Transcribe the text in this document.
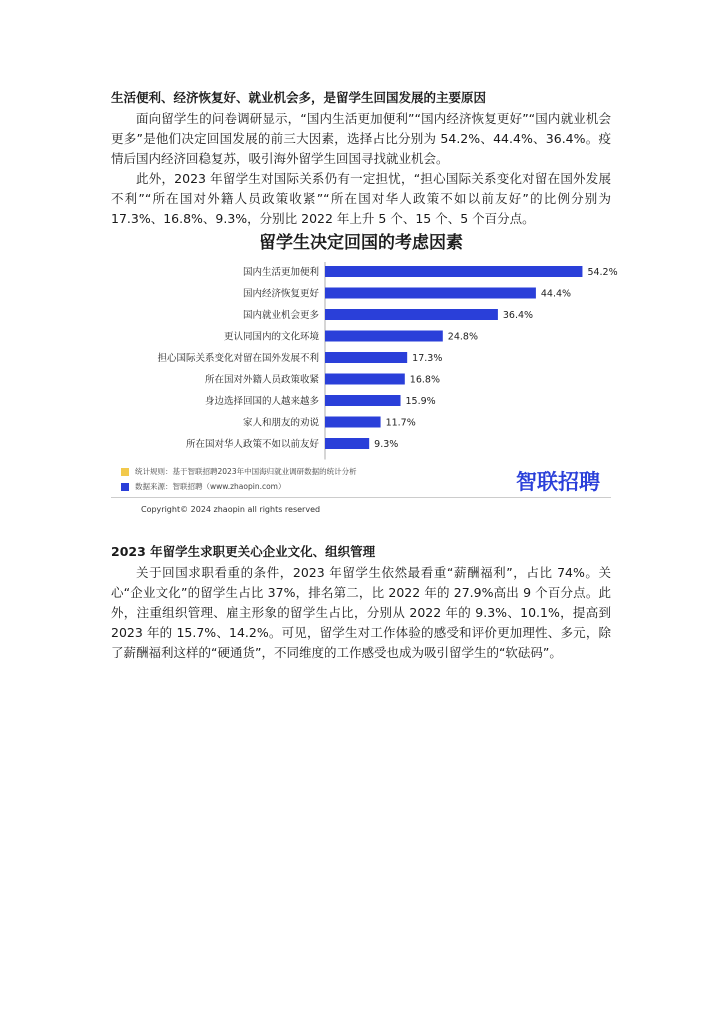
生活便利、经济恢复好、就业机会多，是留学生回国发展的主要原因

面向留学生的问卷调研显示，“国内生活更加便利”“国内经济恢复更好”“国内就业机会更多”是他们决定回国发展的前三大因素，选择占比分别为 54.2%、44.4%、36.4%。疫情后国内经济回稳复苏，吸引海外留学生回国寻找就业机会。

此外，2023 年留学生对国际关系仍有一定担忧，“担心国际关系变化对留在国外发展不利”“所在国对外籍人员政策收紧”“所在国对华人政策不如以前友好”的比例分别为 17.3%、16.8%、9.3%，分别比 2022 年上升 5 个、15 个、5 个百分点。

留学生决定回国的考虑因素
国内生活更加便利	54.2%
国内经济恢复更好	44.4%
国内就业机会更多	36.4%
更认同国内的文化环境	24.8%
担心国际关系变化对留在国外发展不利	17.3%
所在国对外籍人员政策收紧	16.8%
身边选择回国的人越来越多	15.9%
家人和朋友的劝说	11.7%
所在国对华人政策不如以前友好	9.3%
统计规则：基于智联招聘2023年中国海归就业调研数据的统计分析
数据来源：智联招聘（www.zhaopin.com）	智联招聘
Copyright© 2024 zhaopin all rights reserved
2023 年留学生求职更关心企业文化、组织管理

关于回国求职看重的条件，2023 年留学生依然最看重“薪酬福利”，占比 74%。关心“企业文化”的留学生占比 37%，排名第二，比 2022 年的 27.9%高出 9 个百分点。此外，注重组织管理、雇主形象的留学生占比，分别从 2022 年的 9.3%、10.1%，提高到 2023 年的 15.7%、14.2%。可见，留学生对工作体验的感受和评价更加理性、多元，除了薪酬福利这样的“硬通货”，不同维度的工作感受也成为吸引留学生的“软砝码”。
